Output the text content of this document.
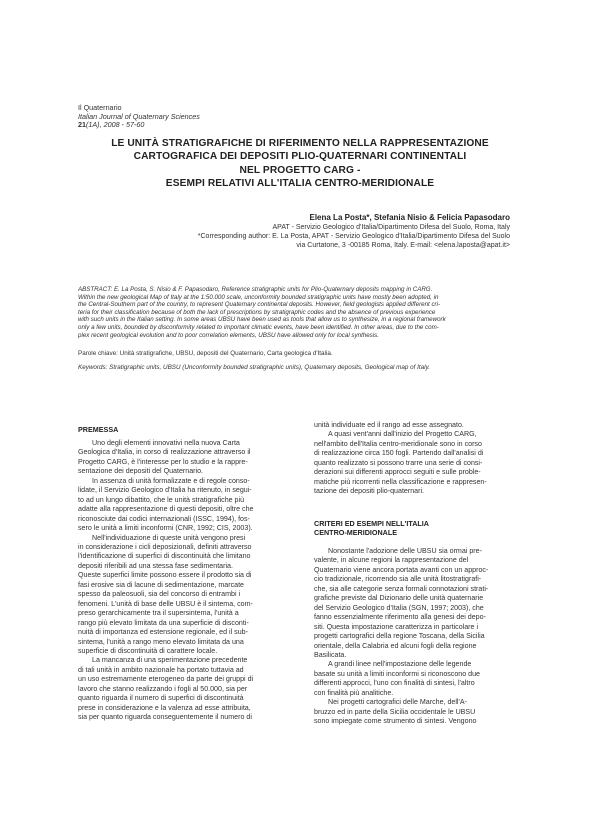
Il Quaternario
Italian Journal of Quaternary Sciences
21(1A), 2008 - 57-60
LE UNITÀ STRATIGRAFICHE DI RIFERIMENTO NELLA RAPPRESENTAZIONE
CARTOGRAFICA DEI DEPOSITI PLIO-QUATERNARI CONTINENTALI
NEL PROGETTO CARG -
ESEMPI RELATIVI ALL'ITALIA CENTRO-MERIDIONALE
Elena La Posta*, Stefania Nisio & Felicia Papasodaro
APAT - Servizio Geologico d'Italia/Dipartimento Difesa del Suolo, Roma, Italy
*Corresponding author: E. La Posta, APAT - Servizio Geologico d'Italia/Dipartimento Difesa del Suolo
via Curtatone, 3 -00185 Roma, Italy. E-mail: <elena.laposta@apat.it>
ABSTRACT: E. La Posta, S. Nisio & F. Papasodaro, Reference stratigraphic units for Plio-Quaternary deposits mapping in CARG.
Within the new geological Map of Italy at the 1:50.000 scale, unconformity bounded stratigraphic units have mostly been adopted, in
the Central-Southern part of the country, to represent Quaternary continental deposits. However, field geologists applied different cri-
teria for their classification because of both the lack of prescriptions by stratigraphic codes and the absence of previous experience
with such units in the Italian setting. In some areas UBSU have been used as tools that allow us to synthesize, in a regional framework
only a few units, bounded by disconformity related to important climatic events, have been identified. In other areas, due to the com-
plex recent geological evolution and to poor correlation elements, UBSU have allowed only for local synthesis.
Parole chiave: Unità stratigrafiche, UBSU, depositi del Quaternario, Carta geologica d'Italia.
Keywords: Stratigraphic units, UBSU (Unconformity bounded stratigraphic units), Quaternary deposits, Geological map of Italy.
PREMESSA
Uno degli elementi innovativi nella nuova Carta
Geologica d'Italia, in corso di realizzazione attraverso il
Progetto CARG, è l'interesse per lo studio e la rappre-
sentazione dei depositi del Quaternario.
In assenza di unità formalizzate e di regole conso-
lidate, il Servizio Geologico d'Italia ha ritenuto, in segui-
to ad un lungo dibattito, che le unità stratigrafiche più
adatte alla rappresentazione di questi depositi, oltre che
riconosciute dai codici internazionali (ISSC, 1994), fos-
sero le unità a limiti inconformi (CNR, 1992; CIS, 2003).
Nell'individuazione di queste unità vengono presi
in considerazione i cicli deposizionali, definiti attraverso
l'identificazione di superfici di discontinuità che limitano
depositi riferibili ad una stessa fase sedimentaria.
Queste superfici limite possono essere il prodotto sia di
fasi erosive sia di lacune di sedimentazione, marcate
spesso da paleosuoli, sia del concorso di entrambi i
fenomeni. L'unità di base delle UBSU è il sintema, com-
preso gerarchicamente tra il supersintema, l'unità a
rango più elevato limitata da una superficie di disconti-
nuità di importanza ed estensione regionale, ed il sub-
sintema, l'unità a rango meno elevato limitata da una
superficie di discontinuità di carattere locale.
La mancanza di una sperimentazione precedente
di tali unità in ambito nazionale ha portato tuttavia ad
un uso estremamente eterogeneo da parte dei gruppi di
lavoro che stanno realizzando i fogli al 50.000, sia per
quanto riguarda il numero di superfici di discontinuità
prese in considerazione e la valenza ad esse attribuita,
sia per quanto riguarda conseguentemente il numero di
unità individuate ed il rango ad esse assegnato.
A quasi vent'anni dall'inizio del Progetto CARG,
nell'ambito dell'Italia centro-meridionale sono in corso
di realizzazione circa 150 fogli. Partendo dall'analisi di
quanto realizzato si possono trarre una serie di consi-
derazioni sui differenti approcci seguiti e sulle proble-
matiche più ricorrenti nella classificazione e rappresen-
tazione dei depositi plio-quaternari.
CRITERI ED ESEMPI NELL'ITALIA
CENTRO-MERIDIONALE
Nonostante l'adozione delle UBSU sia ormai pre-
valente, in alcune regioni la rappresentazione del
Quaternario viene ancora portata avanti con un approc-
cio tradizionale, ricorrendo sia alle unità litostratigrafi-
che, sia alle categorie senza formali connotazioni strati-
grafiche previste dal Dizionario delle unità quaternarie
del Servizio Geologico d'Italia (SGN, 1997; 2003), che
fanno essenzialmente riferimento alla genesi dei depo-
siti. Questa impostazione caratterizza in particolare i
progetti cartografici della regione Toscana, della Sicilia
orientale, della Calabria ed alcuni fogli della regione
Basilicata.
A grandi linee nell'impostazione delle legende
basate su unità a limiti inconformi si riconoscono due
differenti approcci, l'uno con finalità di sintesi, l'altro
con finalità più analitiche.
Nei progetti cartografici delle Marche, dell'A-
bruzzo ed in parte della Sicilia occidentale le UBSU
sono impiegate come strumento di sintesi. Vengono
